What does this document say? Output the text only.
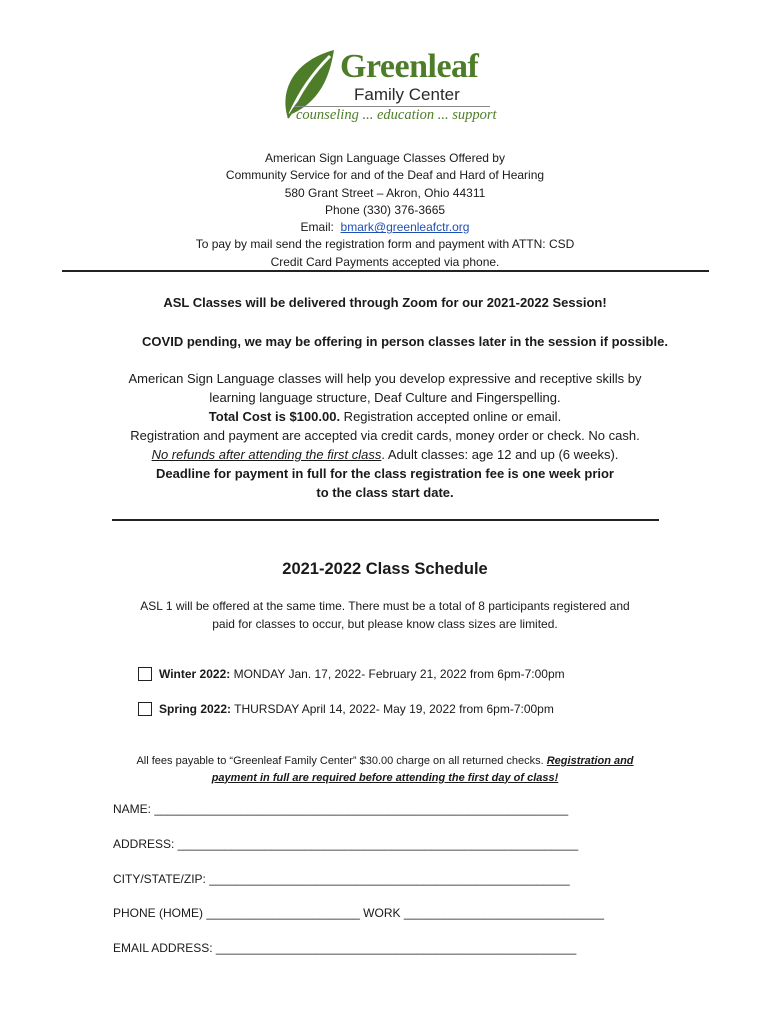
Greenleaf
Family Center
counseling ... education ... support
American Sign Language Classes Offered by
Community Service for and of the Deaf and Hard of Hearing
580 Grant Street – Akron, Ohio 44311
Phone (330) 376-3665
Email: bmark@greenleafctr.org
To pay by mail send the registration form and payment with ATTN: CSD
Credit Card Payments accepted via phone.
ASL Classes will be delivered through Zoom for our 2021-2022 Session!
COVID pending, we may be offering in person classes later in the session if possible.
American Sign Language classes will help you develop expressive and receptive skills by
learning language structure, Deaf Culture and Fingerspelling.
Total Cost is $100.00. Registration accepted online or email.
Registration and payment are accepted via credit cards, money order or check. No cash.
No refunds after attending the first class. Adult classes: age 12 and up (6 weeks).
Deadline for payment in full for the class registration fee is one week prior
to the class start date.
2021-2022 Class Schedule
ASL 1 will be offered at the same time. There must be a total of 8 participants registered and
paid for classes to occur, but please know class sizes are limited.
Winter 2022: MONDAY Jan. 17, 2022- February 21, 2022 from 6pm-7:00pm
Spring 2022: THURSDAY April 14, 2022- May 19, 2022 from 6pm-7:00pm
All fees payable to “Greenleaf Family Center” $30.00 charge on all returned checks. Registration and
payment in full are required before attending the first day of class!
NAME: ______________________________________________________________
ADDRESS: ____________________________________________________________
CITY/STATE/ZIP: ______________________________________________________
PHONE (HOME) _______________________ WORK ______________________________
EMAIL ADDRESS: ______________________________________________________
